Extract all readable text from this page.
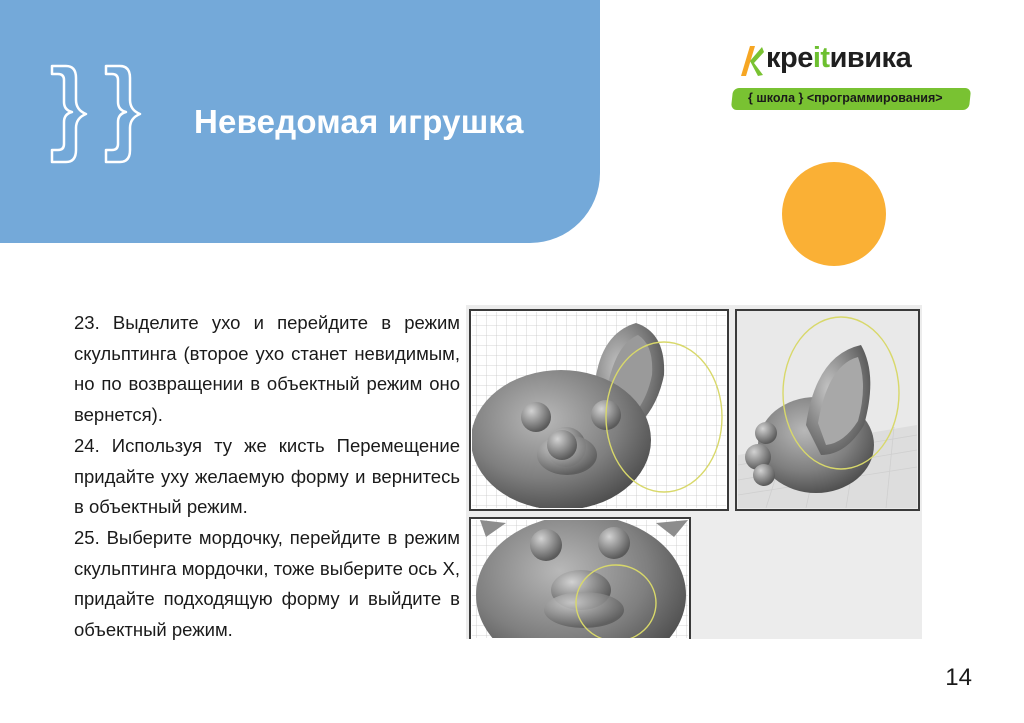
Неведомая игрушка
креitивика
{ школа } <программирования>

23. Выделите ухо и перейдите в режим скульптинга (второе ухо станет невидимым, но по возвращении в объектный режим оно вернется).

24. Используя ту же кисть Перемещение придайте уху желаемую форму и вернитесь в объектный режим.

25. Выберите мордочку, перейдите в режим скульптинга мордочки, тоже выберите ось X, придайте подходящую форму и выйдите в объектный режим.

14
